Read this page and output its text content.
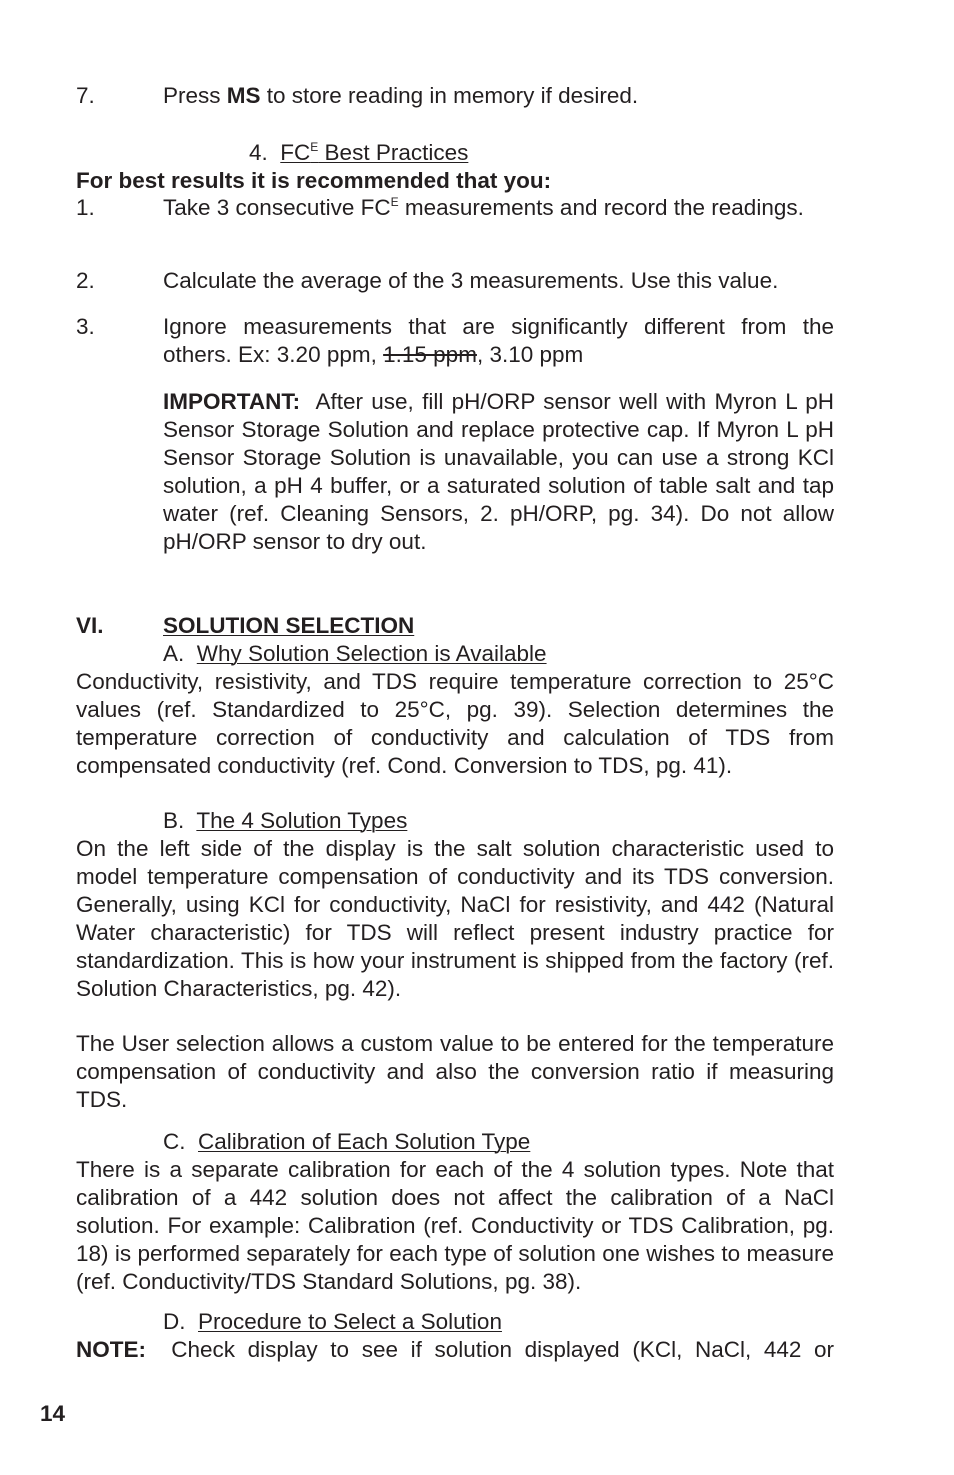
7.	Press MS to store reading in memory if desired.
4.  $FC^E$ Best Practices
For best results it is recommended that you:
1.	Take 3 consecutive $FC^E$ measurements and record the readings.
2.	Calculate the average of the 3 measurements. Use this value.
3.	Ignore measurements that are significantly different from the others. Ex: 3.20 ppm, 1.15 ppm, 3.10 ppm
IMPORTANT: After use, fill pH/ORP sensor well with Myron L pH Sensor Storage Solution and replace protective cap. If Myron L pH Sensor Storage Solution is unavailable, you can use a strong KCl solution, a pH 4 buffer, or a saturated solution of table salt and tap water (ref. Cleaning Sensors, 2. pH/ORP, pg. 34). Do not allow pH/ORP sensor to dry out.
VI.	SOLUTION SELECTION
A.  Why Solution Selection is Available
Conductivity, resistivity, and TDS require temperature correction to 25°C values (ref. Standardized to 25°C, pg. 39). Selection determines the temperature correction of conductivity and calculation of TDS from compensated conductivity (ref. Cond. Conversion to TDS, pg. 41).
B.  The 4 Solution Types
On the left side of the display is the salt solution characteristic used to model temperature compensation of conductivity and its TDS conversion. Generally, using KCl for conductivity, NaCl for resistivity, and 442 (Natural Water characteristic) for TDS will reflect present industry practice for standardization. This is how your instrument is shipped from the factory (ref. Solution Characteristics, pg. 42).
The User selection allows a custom value to be entered for the temperature compensation of conductivity and also the conversion ratio if measuring TDS.
C.  Calibration of Each Solution Type
There is a separate calibration for each of the 4 solution types. Note that calibration of a 442 solution does not affect the calibration of a NaCl solution. For example: Calibration (ref. Conductivity or TDS Calibration, pg. 18) is performed separately for each type of solution one wishes to measure (ref. Conductivity/TDS Standard Solutions, pg. 38).
D.  Procedure to Select a Solution
NOTE: Check display to see if solution displayed (KCl, NaCl, 442 or
14
